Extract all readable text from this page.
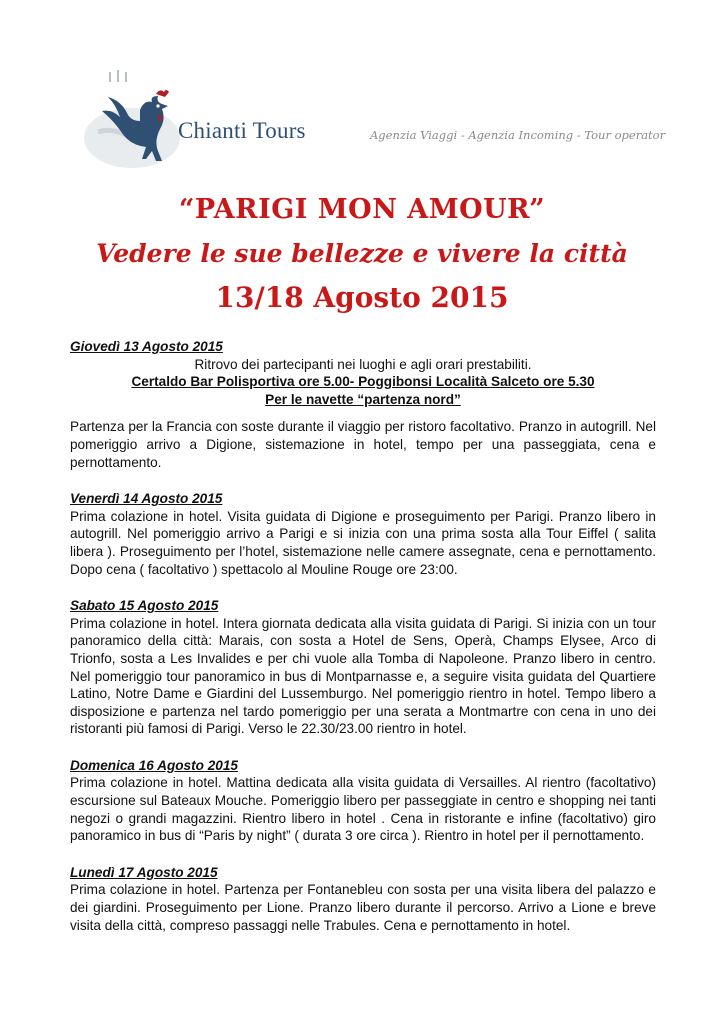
Chianti Tours	Agenzia Viaggi - Agenzia Incoming - Tour operator
“PARIGI MON AMOUR”
Vedere le sue bellezze e vivere la città
13/18 Agosto 2015
Giovedì 13 Agosto 2015
Ritrovo dei partecipanti nei luoghi e agli orari prestabiliti.
Certaldo Bar Polisportiva ore 5.00- Poggibonsi Località Salceto ore 5.30
Per le navette “partenza nord”

Partenza per la Francia con soste durante il viaggio per ristoro facoltativo. Pranzo in autogrill. Nel pomeriggio arrivo a Digione, sistemazione in hotel, tempo per una passeggiata, cena e pernottamento.

Venerdì 14 Agosto 2015

Prima colazione in hotel. Visita guidata di Digione e proseguimento per Parigi. Pranzo libero in autogrill. Nel pomeriggio arrivo a Parigi e si inizia con una prima sosta alla Tour Eiffel ( salita libera ). Proseguimento per l’hotel, sistemazione nelle camere assegnate, cena e pernottamento. Dopo cena ( facoltativo ) spettacolo al Mouline Rouge ore 23:00.

Sabato 15 Agosto 2015

Prima colazione in hotel. Intera giornata dedicata alla visita guidata di Parigi. Si inizia con un tour panoramico della città: Marais, con sosta a Hotel de Sens, Operà, Champs Elysee, Arco di Trionfo, sosta a Les Invalides e per chi vuole alla Tomba di Napoleone. Pranzo libero in centro. Nel pomeriggio tour panoramico in bus di Montparnasse e, a seguire visita guidata del Quartiere Latino, Notre Dame e Giardini del Lussemburgo. Nel pomeriggio rientro in hotel. Tempo libero a disposizione e partenza nel tardo pomeriggio per una serata a Montmartre con cena in uno dei ristoranti più famosi di Parigi. Verso le 22.30/23.00 rientro in hotel.

Domenica 16 Agosto 2015

Prima colazione in hotel. Mattina dedicata alla visita guidata di Versailles. Al rientro (facoltativo) escursione sul Bateaux Mouche. Pomeriggio libero per passeggiate in centro e shopping nei tanti negozi o grandi magazzini. Rientro libero in hotel . Cena in ristorante e infine (facoltativo) giro panoramico in bus di “Paris by night” ( durata 3 ore circa ). Rientro in hotel per il pernottamento.

Lunedì 17 Agosto 2015

Prima colazione in hotel. Partenza per Fontanebleu con sosta per una visita libera del palazzo e dei giardini. Proseguimento per Lione. Pranzo libero durante il percorso. Arrivo a Lione e breve visita della città, compreso passaggi nelle Trabules. Cena e pernottamento in hotel.
